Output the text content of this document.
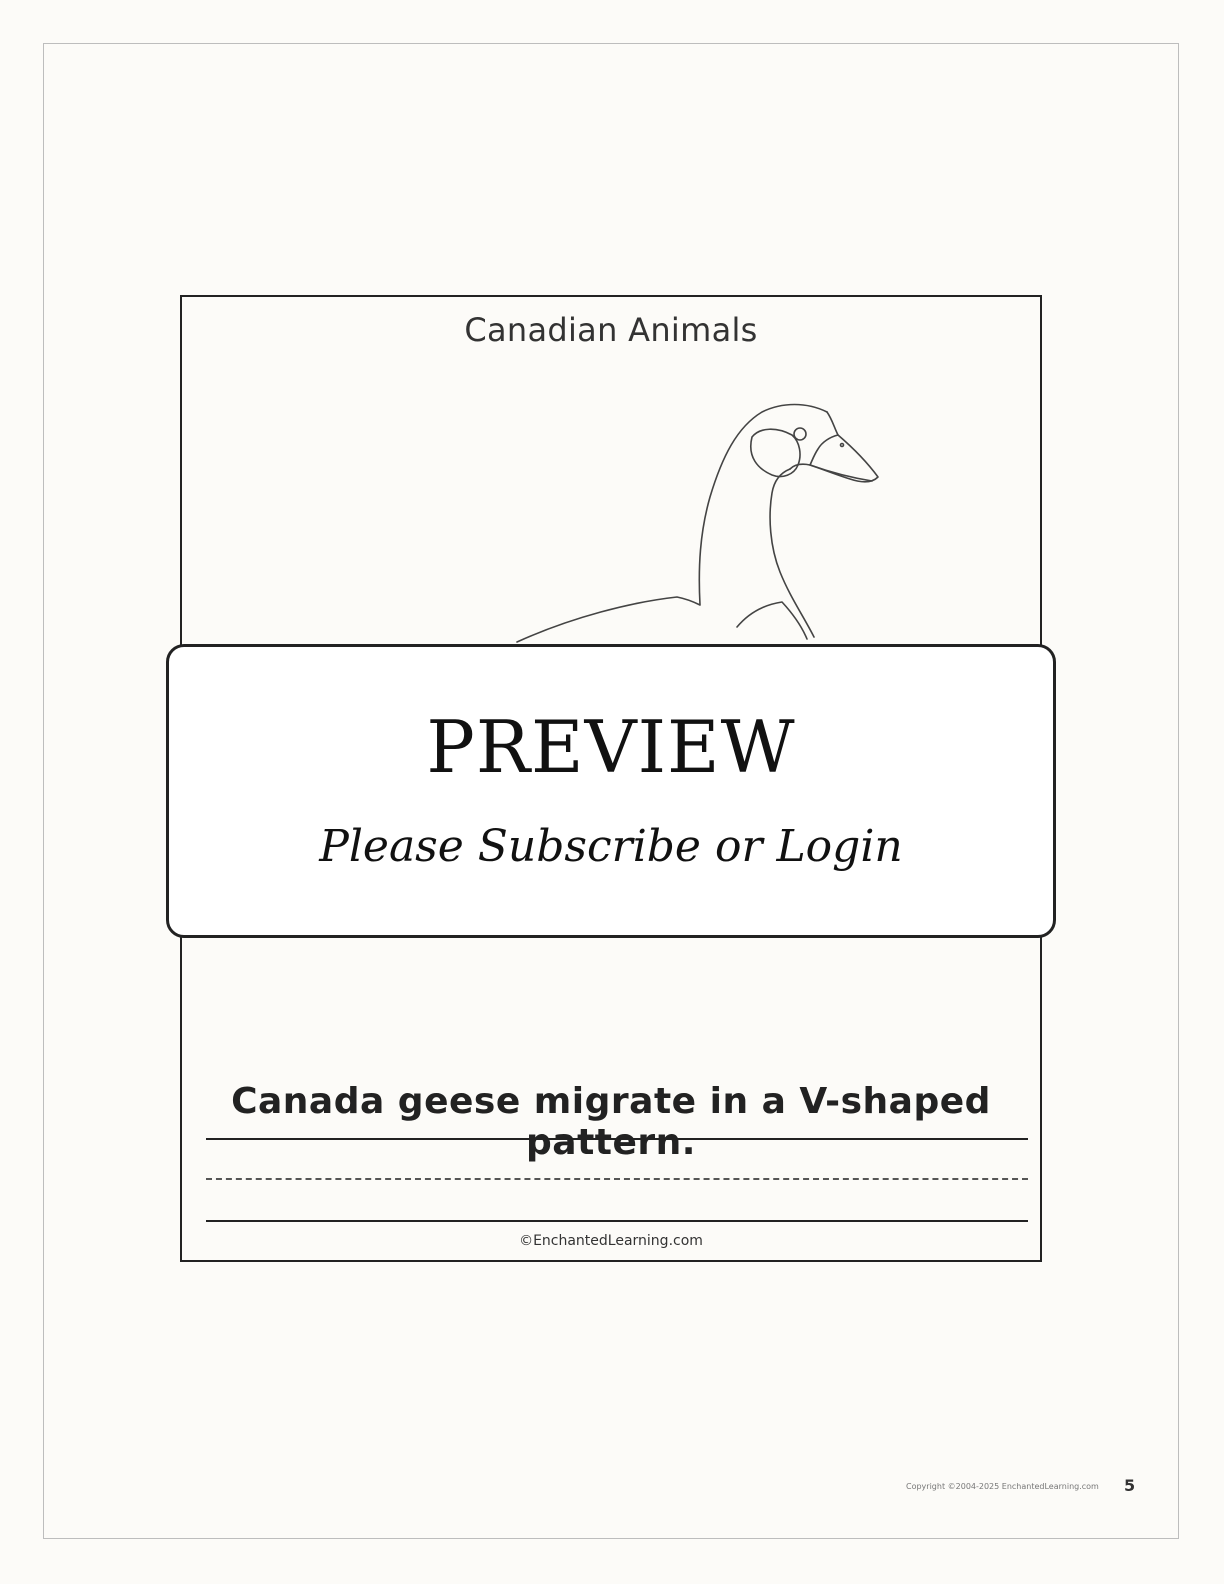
Canadian Animals
Canada geese migrate in a V-shaped pattern.
©EnchantedLearning.com
PREVIEW
Please Subscribe or Login
Copyright ©2004-2025 EnchantedLearning.com 5
